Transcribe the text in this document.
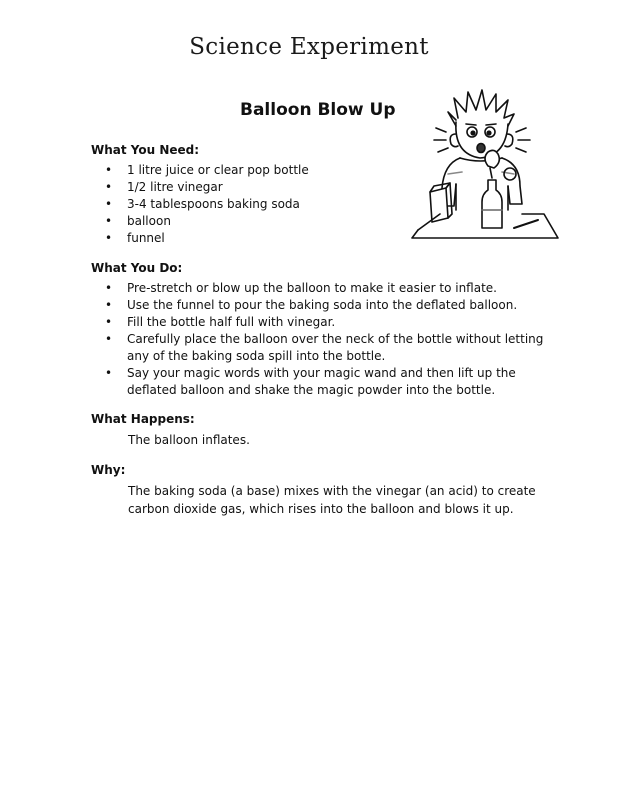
Science Experiment
Balloon Blow Up
What You Need:
• 1 litre juice or clear pop bottle
• 1/2 litre vinegar
• 3-4 tablespoons baking soda
• balloon
• funnel
What You Do:
• Pre-stretch or blow up the balloon to make it easier to inflate.
• Use the funnel to pour the baking soda into the deflated balloon.
• Fill the bottle half full with vinegar.
• Carefully place the balloon over the neck of the bottle without letting any of the baking soda spill into the bottle.
• Say your magic words with your magic wand and then lift up the deflated balloon and shake the magic powder into the bottle.
What Happens:
The balloon inflates.
Why:
The baking soda (a base) mixes with the vinegar (an acid) to create carbon dioxide gas, which rises into the balloon and blows it up.
